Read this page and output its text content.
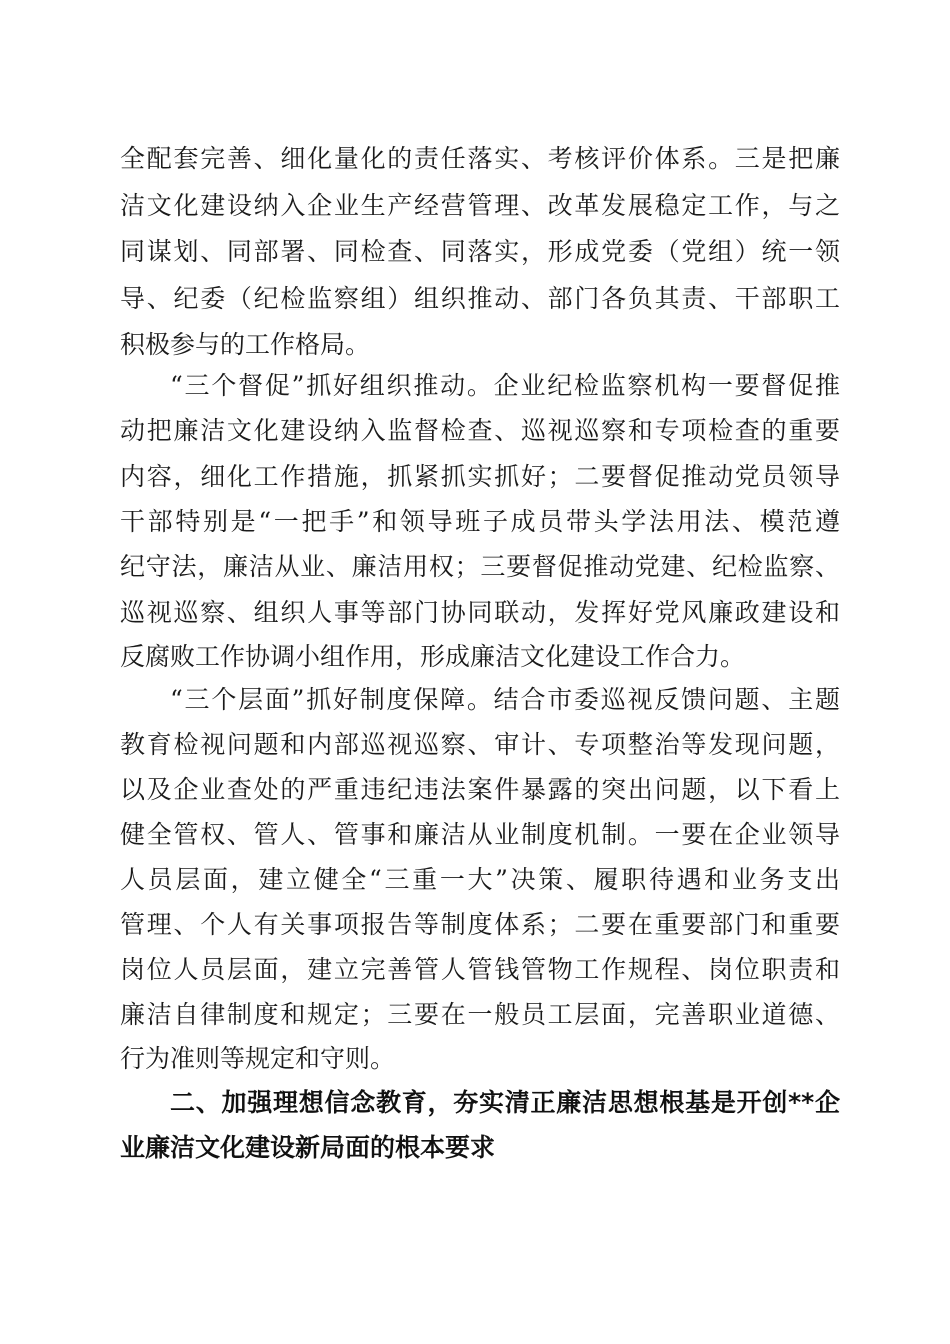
全配套完善、细化量化的责任落实、考核评价体系。三是把廉
洁文化建设纳入企业生产经营管理、改革发展稳定工作，与之
同谋划、同部署、同检查、同落实，形成党委（党组）统一领
导、纪委（纪检监察组）组织推动、部门各负其责、干部职工
积极参与的工作格局。
“三个督促”抓好组织推动。企业纪检监察机构一要督促推
动把廉洁文化建设纳入监督检查、巡视巡察和专项检查的重要
内容，细化工作措施，抓紧抓实抓好；二要督促推动党员领导
干部特别是“一把手”和领导班子成员带头学法用法、模范遵
纪守法，廉洁从业、廉洁用权；三要督促推动党建、纪检监察、
巡视巡察、组织人事等部门协同联动，发挥好党风廉政建设和
反腐败工作协调小组作用，形成廉洁文化建设工作合力。
“三个层面”抓好制度保障。结合市委巡视反馈问题、主题
教育检视问题和内部巡视巡察、审计、专项整治等发现问题，
以及企业查处的严重违纪违法案件暴露的突出问题，以下看上
健全管权、管人、管事和廉洁从业制度机制。一要在企业领导
人员层面，建立健全“三重一大”决策、履职待遇和业务支出
管理、个人有关事项报告等制度体系；二要在重要部门和重要
岗位人员层面，建立完善管人管钱管物工作规程、岗位职责和
廉洁自律制度和规定；三要在一般员工层面，完善职业道德、
行为准则等规定和守则。
二、加强理想信念教育，夯实清正廉洁思想根基是开创**企
业廉洁文化建设新局面的根本要求
